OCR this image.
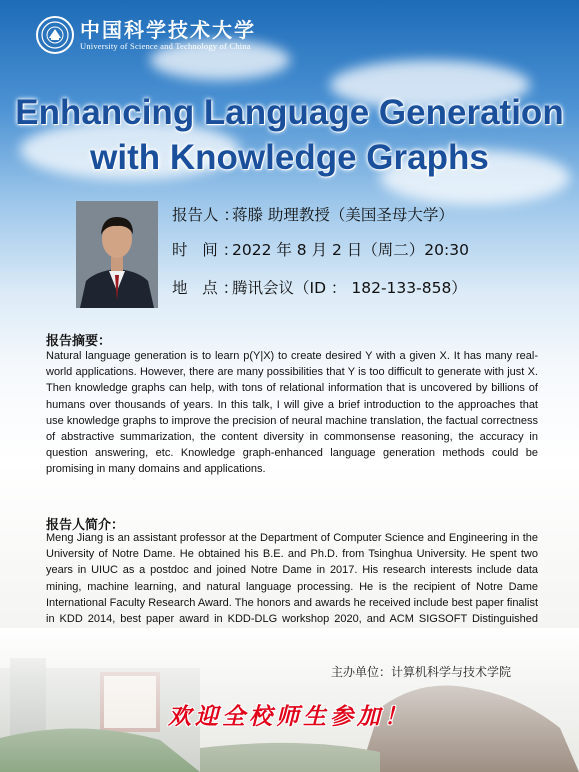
中国科学技术大学
University of Science and Technology of China
Enhancing Language Generation
with Knowledge Graphs
报告人 ：蒋滕 助理教授（美国圣母大学）
时   间 ：2022 年 8 月 2 日（周二）20:30
地   点 ：腾讯会议（ID ： 182-133-858）
报告摘要：
Natural language generation is to learn p(Y|X) to create desired Y with a given X. It has many real-world applications. However, there are many possibilities that Y is too difficult to generate with just X. Then knowledge graphs can help, with tons of relational information that is uncovered by billions of humans over thousands of years. In this talk, I will give a brief introduction to the approaches that use knowledge graphs to improve the precision of neural machine translation, the factual correctness of abstractive summarization, the content diversity in commonsense reasoning, the accuracy in question answering, etc. Knowledge graph-enhanced language generation methods could be promising in many domains and applications.
报告人简介：
Meng Jiang is an assistant professor at the Department of Computer Science and Engineering in the University of Notre Dame. He obtained his B.E. and Ph.D. from Tsinghua University. He spent two years in UIUC as a postdoc and joined Notre Dame in 2017. His research interests include data mining, machine learning, and natural language processing. He is the recipient of Notre Dame International Faculty Research Award. The honors and awards he received include best paper finalist in KDD 2014, best paper award in KDD-DLG workshop 2020, and ACM SIGSOFT Distinguished
主办单位：计算机科学与技术学院
欢迎全校师生参加！
